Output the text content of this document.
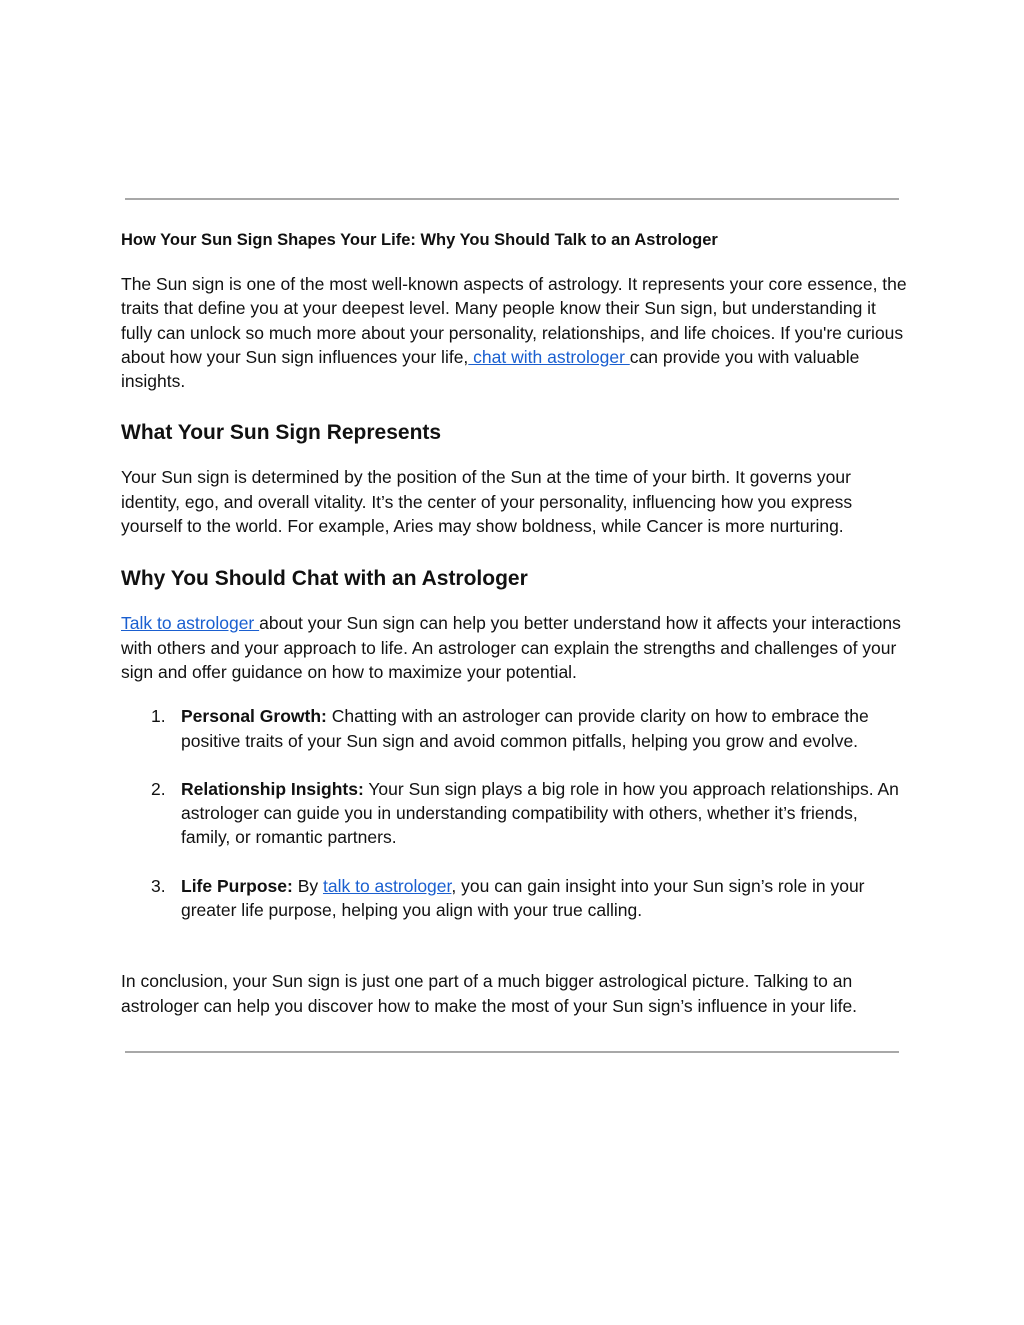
How Your Sun Sign Shapes Your Life: Why You Should Talk to an Astrologer

The Sun sign is one of the most well-known aspects of astrology. It represents your core essence, the traits that define you at your deepest level. Many people know their Sun sign, but understanding it fully can unlock so much more about your personality, relationships, and life choices. If you're curious about how your Sun sign influences your life, chat with astrologer can provide you with valuable insights.

What Your Sun Sign Represents

Your Sun sign is determined by the position of the Sun at the time of your birth. It governs your identity, ego, and overall vitality. It’s the center of your personality, influencing how you express yourself to the world. For example, Aries may show boldness, while Cancer is more nurturing.

Why You Should Chat with an Astrologer

Talk to astrologer about your Sun sign can help you better understand how it affects your interactions with others and your approach to life. An astrologer can explain the strengths and challenges of your sign and offer guidance on how to maximize your potential.

1. Personal Growth: Chatting with an astrologer can provide clarity on how to embrace the positive traits of your Sun sign and avoid common pitfalls, helping you grow and evolve.
2. Relationship Insights: Your Sun sign plays a big role in how you approach relationships. An astrologer can guide you in understanding compatibility with others, whether it’s friends, family, or romantic partners.
3. Life Purpose: By talk to astrologer, you can gain insight into your Sun sign’s role in your greater life purpose, helping you align with your true calling.

In conclusion, your Sun sign is just one part of a much bigger astrological picture. Talking to an astrologer can help you discover how to make the most of your Sun sign’s influence in your life.
